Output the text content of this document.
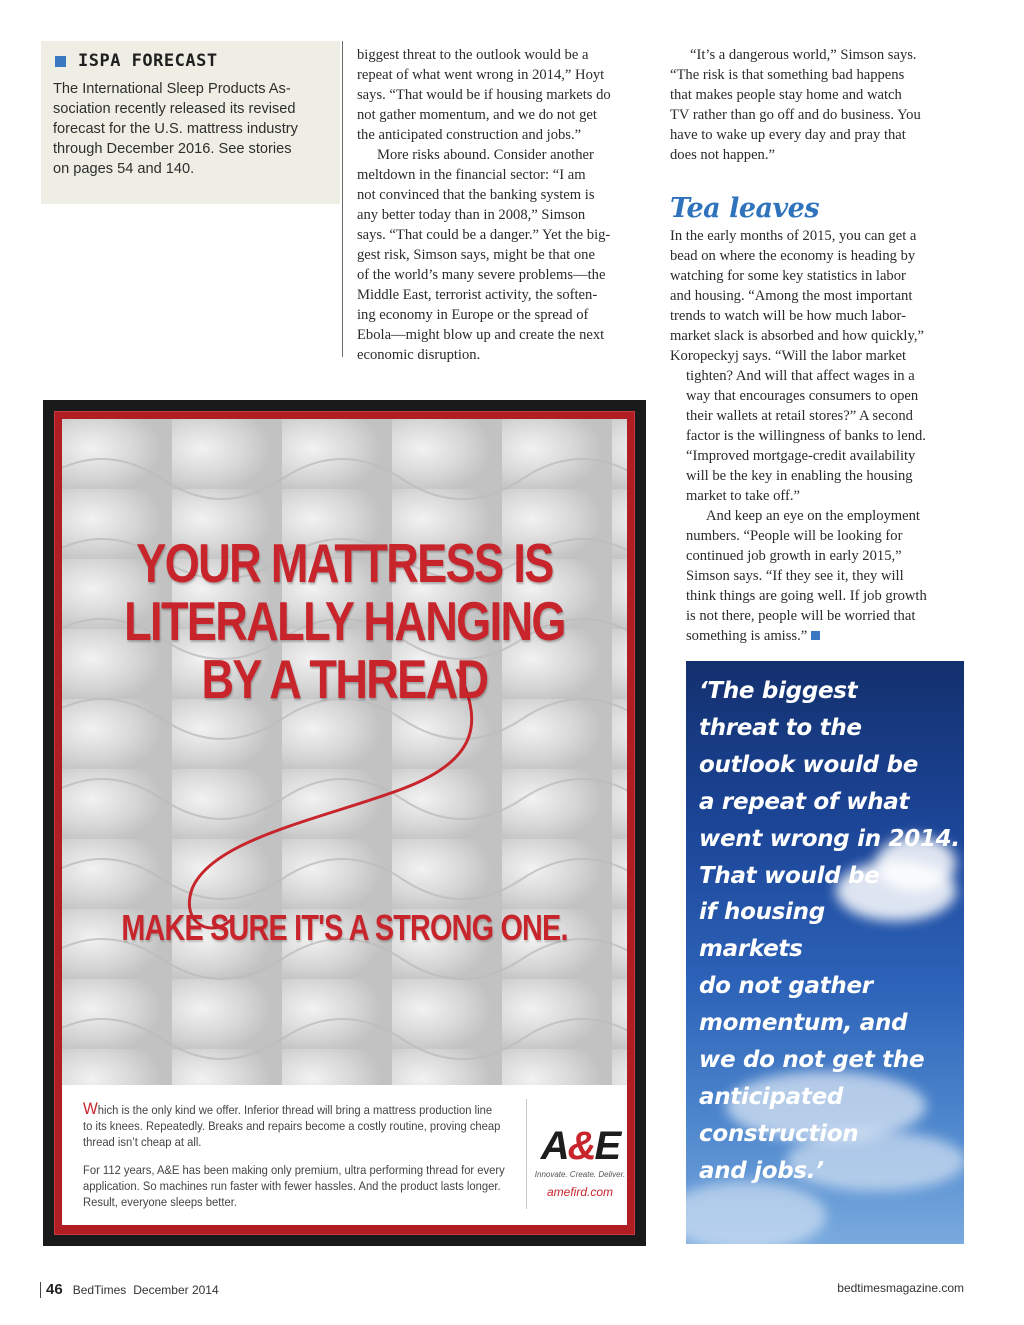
ISPA FORECAST
The International Sleep Products As-
sociation recently released its revised
forecast for the U.S. mattress industry
through December 2016. See stories
on pages 54 and 140.
biggest threat to the outlook would be a
repeat of what went wrong in 2014,” Hoyt
says. “That would be if housing markets do
not gather momentum, and we do not get
the anticipated construction and jobs.”
More risks abound. Consider another
meltdown in the financial sector: “I am
not convinced that the banking system is
any better today than in 2008,” Simson
says. “That could be a danger.” Yet the big-
gest risk, Simson says, might be that one
of the world’s many severe problems—the
Middle East, terrorist activity, the soften-
ing economy in Europe or the spread of
Ebola—might blow up and create the next
economic disruption.
“It’s a dangerous world,” Simson says.
“The risk is that something bad happens
that makes people stay home and watch
TV rather than go off and do business. You
have to wake up every day and pray that
does not happen.”
Tea leaves
In the early months of 2015, you can get a
bead on where the economy is heading by
watching for some key statistics in labor
and housing. “Among the most important
trends to watch will be how much labor-
market slack is absorbed and how quickly,”
Koropeckyj says. “Will the labor market
tighten? And will that affect wages in a
way that encourages consumers to open
their wallets at retail stores?” A second
factor is the willingness of banks to lend.
“Improved mortgage-credit availability
will be the key in enabling the housing
market to take off.”
And keep an eye on the employment
numbers. “People will be looking for
continued job growth in early 2015,”
Simson says. “If they see it, they will
think things are going well. If job growth
is not there, people will be worried that
something is amiss.”
YOUR MATTRESS IS
LITERALLY HANGING
BY A THREAD
MAKE SURE IT'S A STRONG ONE.
Which is the only kind we offer. Inferior thread will bring a mattress production line
to its knees. Repeatedly. Breaks and repairs become a costly routine, proving cheap
thread isn’t cheap at all.
For 112 years, A&E has been making only premium, ultra performing thread for every
application. So machines run faster with fewer hassles. And the product lasts longer.
Result, everyone sleeps better.
A&E
Innovate. Create. Deliver.
amefird.com
‘The biggest
threat to the
outlook would be
a repeat of what
went wrong in 2014.
That would be
if housing
markets
do not gather
momentum, and
we do not get the
anticipated
construction
and jobs.’
46 BedTimes December 2014	bedtimesmagazine.com
